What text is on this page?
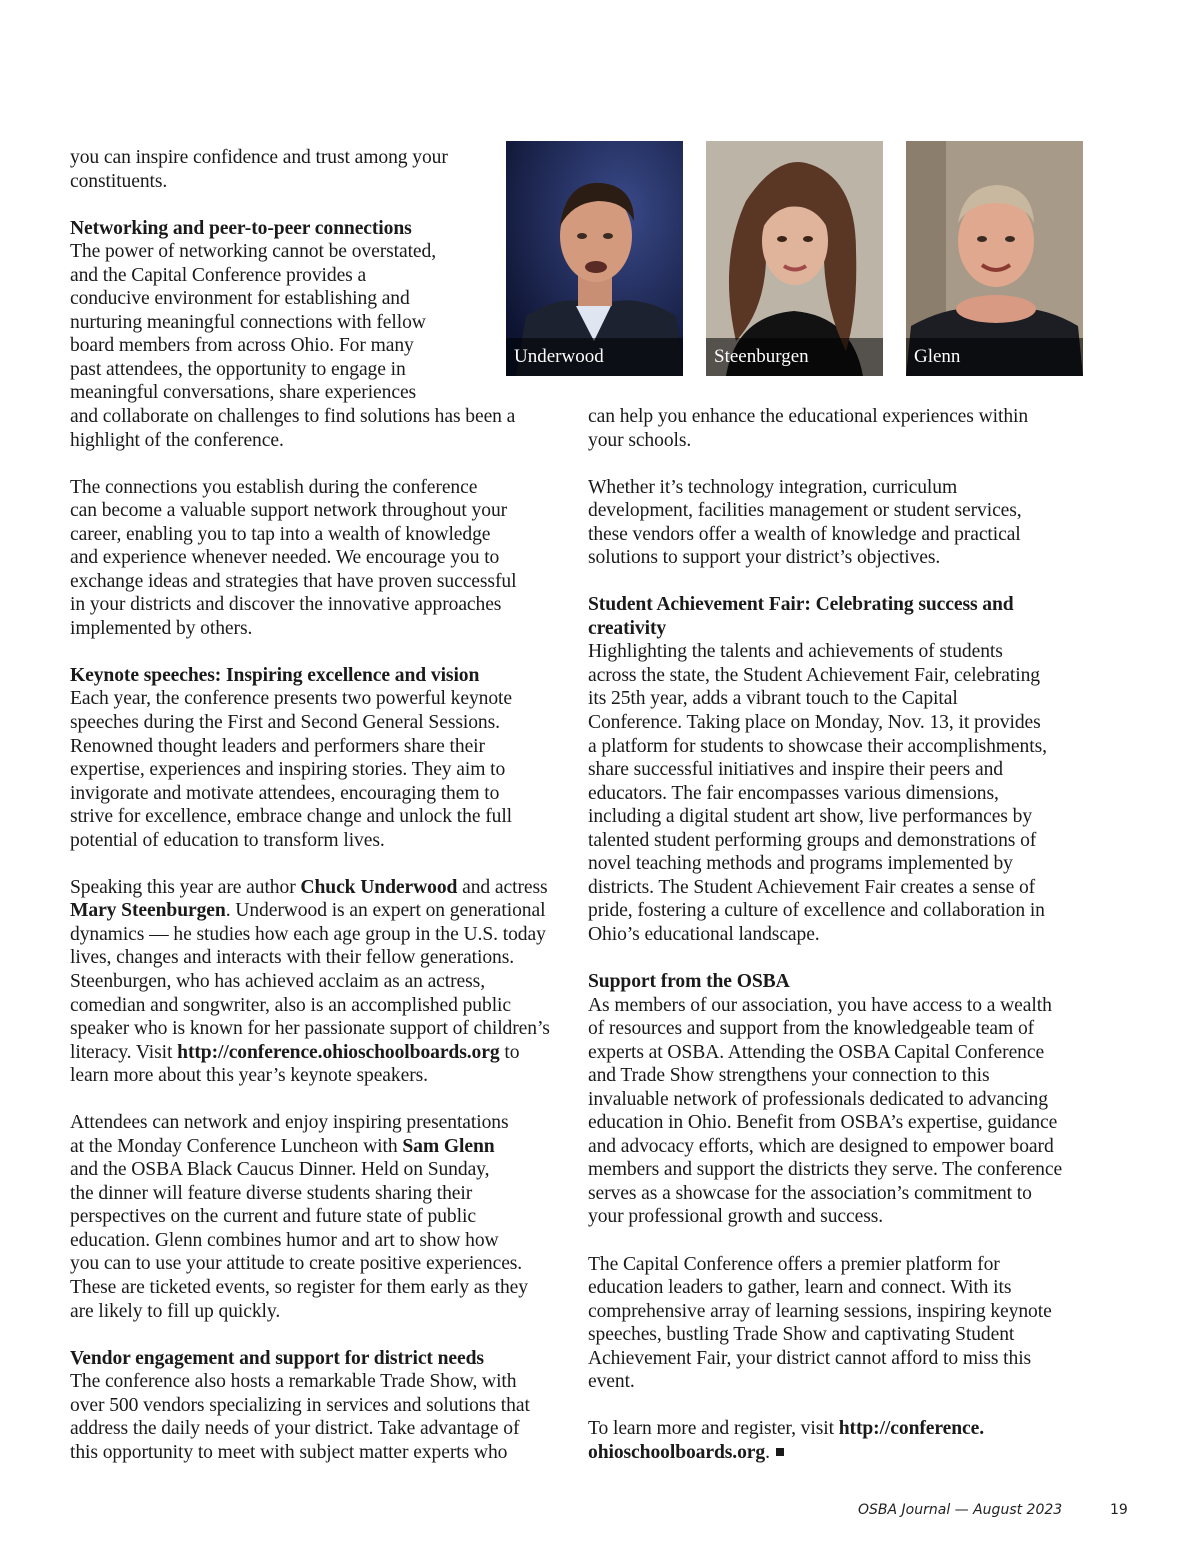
Underwood	Steenburgen	Glenn
you can inspire confidence and trust among your
constituents.
Networking and peer-to-peer connections
The power of networking cannot be overstated,
and the Capital Conference provides a
conducive environment for establishing and
nurturing meaningful connections with fellow
board members from across Ohio. For many
past attendees, the opportunity to engage in
meaningful conversations, share experiences
and collaborate on challenges to find solutions has been a
highlight of the conference.
The connections you establish during the conference
can become a valuable support network throughout your
career, enabling you to tap into a wealth of knowledge
and experience whenever needed. We encourage you to
exchange ideas and strategies that have proven successful
in your districts and discover the innovative approaches
implemented by others.
Keynote speeches: Inspiring excellence and vision
Each year, the conference presents two powerful keynote
speeches during the First and Second General Sessions.
Renowned thought leaders and performers share their
expertise, experiences and inspiring stories. They aim to
invigorate and motivate attendees, encouraging them to
strive for excellence, embrace change and unlock the full
potential of education to transform lives.
Speaking this year are author Chuck Underwood and actress
Mary Steenburgen. Underwood is an expert on generational
dynamics — he studies how each age group in the U.S. today
lives, changes and interacts with their fellow generations.
Steenburgen, who has achieved acclaim as an actress,
comedian and songwriter, also is an accomplished public
speaker who is known for her passionate support of children’s
literacy. Visit http://conference.ohioschoolboards.org to
learn more about this year’s keynote speakers.
Attendees can network and enjoy inspiring presentations
at the Monday Conference Luncheon with Sam Glenn
and the OSBA Black Caucus Dinner. Held on Sunday,
the dinner will feature diverse students sharing their
perspectives on the current and future state of public
education. Glenn combines humor and art to show how
you can to use your attitude to create positive experiences.
These are ticketed events, so register for them early as they
are likely to fill up quickly.
Vendor engagement and support for district needs
The conference also hosts a remarkable Trade Show, with
over 500 vendors specializing in services and solutions that
address the daily needs of your district. Take advantage of
this opportunity to meet with subject matter experts who
can help you enhance the educational experiences within
your schools.
Whether it’s technology integration, curriculum
development, facilities management or student services,
these vendors offer a wealth of knowledge and practical
solutions to support your district’s objectives.
Student Achievement Fair: Celebrating success and
creativity
Highlighting the talents and achievements of students
across the state, the Student Achievement Fair, celebrating
its 25th year, adds a vibrant touch to the Capital
Conference. Taking place on Monday, Nov. 13, it provides
a platform for students to showcase their accomplishments,
share successful initiatives and inspire their peers and
educators. The fair encompasses various dimensions,
including a digital student art show, live performances by
talented student performing groups and demonstrations of
novel teaching methods and programs implemented by
districts. The Student Achievement Fair creates a sense of
pride, fostering a culture of excellence and collaboration in
Ohio’s educational landscape.
Support from the OSBA
As members of our association, you have access to a wealth
of resources and support from the knowledgeable team of
experts at OSBA. Attending the OSBA Capital Conference
and Trade Show strengthens your connection to this
invaluable network of professionals dedicated to advancing
education in Ohio. Benefit from OSBA’s expertise, guidance
and advocacy efforts, which are designed to empower board
members and support the districts they serve. The conference
serves as a showcase for the association’s commitment to
your professional growth and success.
The Capital Conference offers a premier platform for
education leaders to gather, learn and connect. With its
comprehensive array of learning sessions, inspiring keynote
speeches, bustling Trade Show and captivating Student
Achievement Fair, your district cannot afford to miss this
event.
To learn more and register, visit http://conference.
ohioschoolboards.org.
OSBA Journal — August 2023	19
